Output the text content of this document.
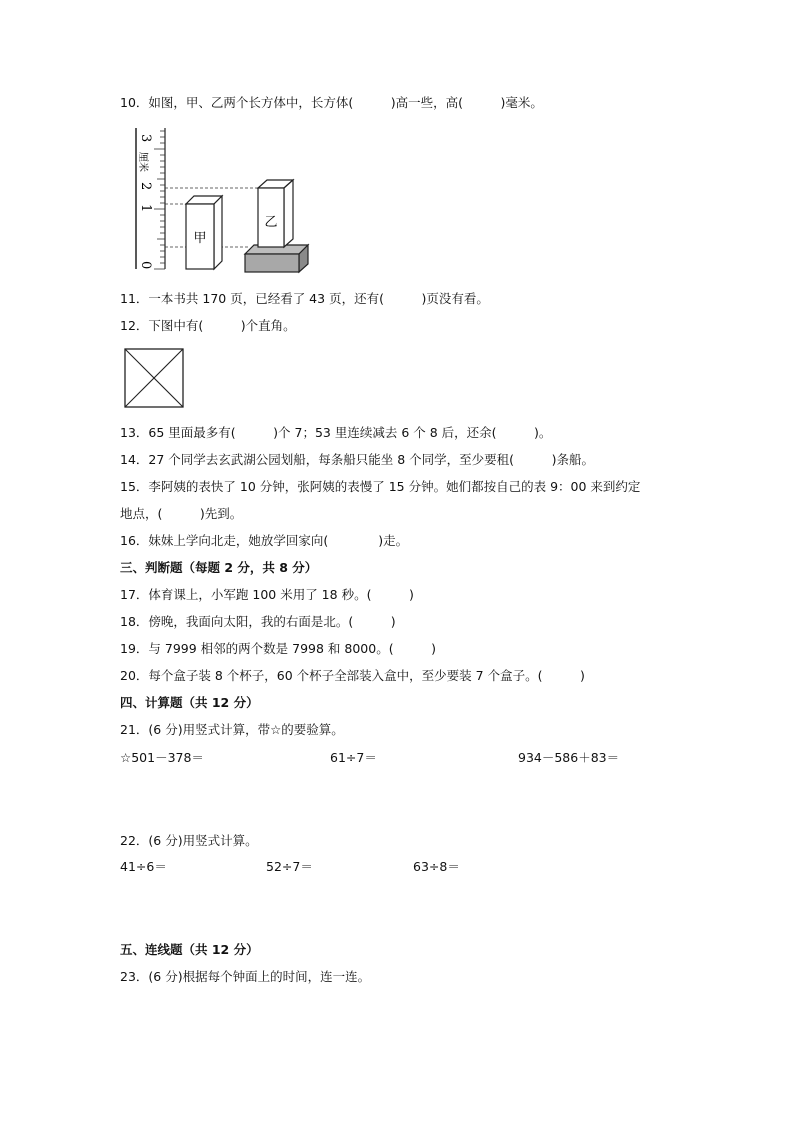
10．如图，甲、乙两个长方体中，长方体(　　　)高一些，高(　　　)毫米。
0
1
2
3
厘米
甲
乙
11．一本书共 170 页，已经看了 43 页，还有(　　　)页没有看。
12．下图中有(　　　)个直角。
13．65 里面最多有(　　　)个 7；53 里连续减去 6 个 8 后，还余(　　　)。
14．27 个同学去玄武湖公园划船，每条船只能坐 8 个同学，至少要租(　　　)条船。
15．李阿姨的表快了 10 分钟，张阿姨的表慢了 15 分钟。她们都按自己的表 9：00 来到约定
地点，(　　　)先到。
16．妹妹上学向北走，她放学回家向(　　　　)走。
三、判断题（每题 2 分，共 8 分）
17．体育课上，小军跑 100 米用了 18 秒。(　　　)
18．傍晚，我面向太阳，我的右面是北。(　　　)
19．与 7999 相邻的两个数是 7998 和 8000。(　　　)
20．每个盒子装 8 个杯子，60 个杯子全部装入盒中，至少要装 7 个盒子。(　　　)
四、计算题（共 12 分）
21．(6 分)用竖式计算，带☆的要验算。
☆501－378＝	61÷7＝	934－586＋83＝
22．(6 分)用竖式计算。
41÷6＝	52÷7＝	63÷8＝
五、连线题（共 12 分）
23．(6 分)根据每个钟面上的时间，连一连。
